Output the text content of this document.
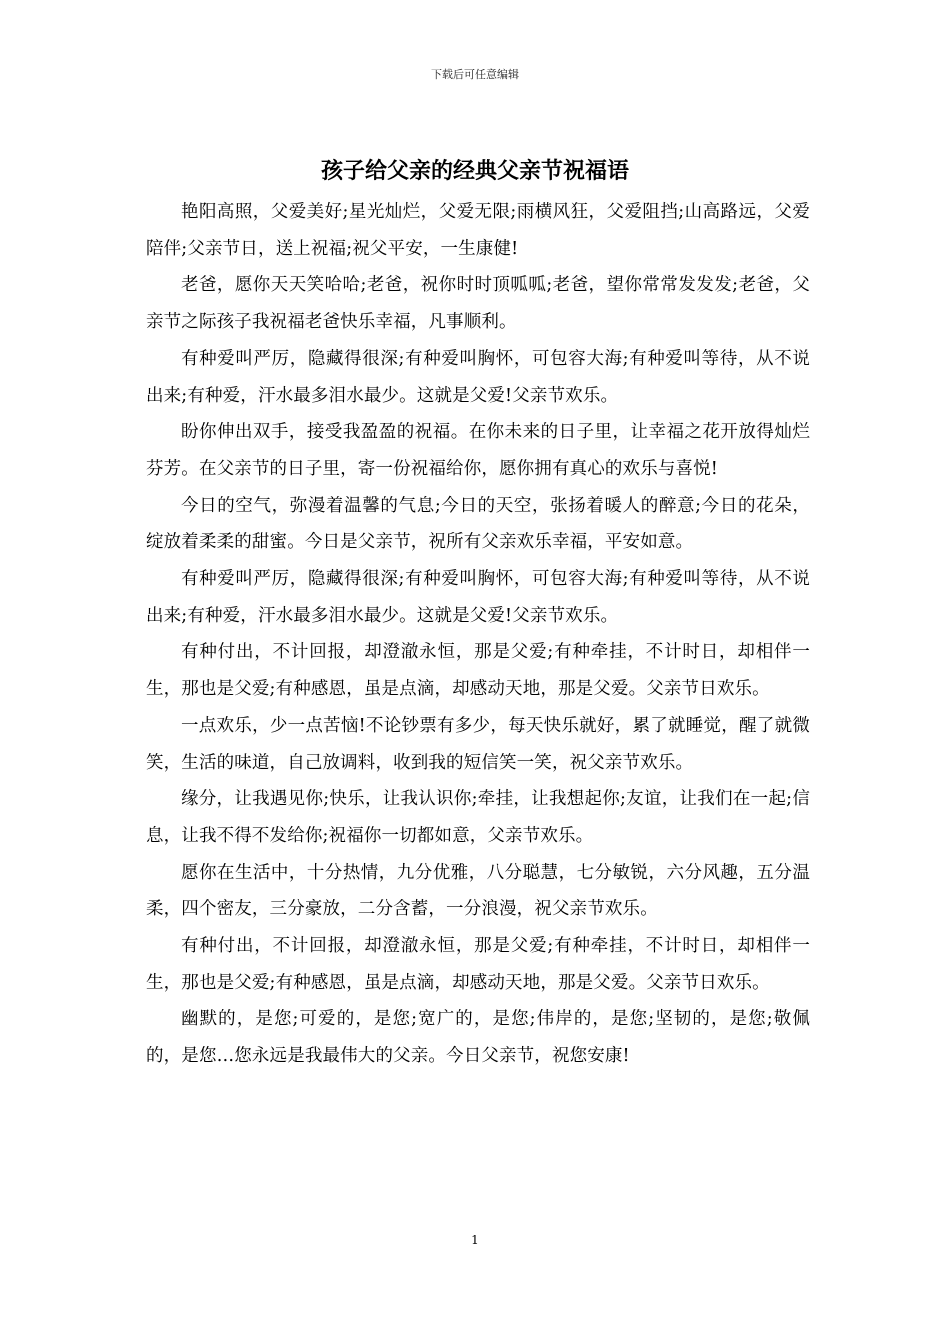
下载后可任意编辑
孩子给父亲的经典父亲节祝福语

艳阳高照，父爱美好;星光灿烂，父爱无限;雨横风狂，父爱阻挡;山高路远，父爱陪伴;父亲节日，送上祝福;祝父平安，一生康健!

老爸，愿你天天笑哈哈;老爸，祝你时时顶呱呱;老爸，望你常常发发发;老爸，父亲节之际孩子我祝福老爸快乐幸福，凡事顺利。

有种爱叫严厉，隐藏得很深;有种爱叫胸怀，可包容大海;有种爱叫等待，从不说出来;有种爱，汗水最多泪水最少。这就是父爱!父亲节欢乐。

盼你伸出双手，接受我盈盈的祝福。在你未来的日子里，让幸福之花开放得灿烂芬芳。在父亲节的日子里，寄一份祝福给你，愿你拥有真心的欢乐与喜悦!

今日的空气，弥漫着温馨的气息;今日的天空，张扬着暖人的醉意;今日的花朵，绽放着柔柔的甜蜜。今日是父亲节，祝所有父亲欢乐幸福，平安如意。

有种爱叫严厉，隐藏得很深;有种爱叫胸怀，可包容大海;有种爱叫等待，从不说出来;有种爱，汗水最多泪水最少。这就是父爱!父亲节欢乐。

有种付出，不计回报，却澄澈永恒，那是父爱;有种牵挂，不计时日，却相伴一生，那也是父爱;有种感恩，虽是点滴，却感动天地，那是父爱。父亲节日欢乐。

一点欢乐，少一点苦恼!不论钞票有多少，每天快乐就好，累了就睡觉，醒了就微笑，生活的味道，自己放调料，收到我的短信笑一笑，祝父亲节欢乐。

缘分，让我遇见你;快乐，让我认识你;牵挂，让我想起你;友谊，让我们在一起;信息，让我不得不发给你;祝福你一切都如意，父亲节欢乐。

愿你在生活中，十分热情，九分优雅，八分聪慧，七分敏锐，六分风趣，五分温柔，四个密友，三分豪放，二分含蓄，一分浪漫，祝父亲节欢乐。

有种付出，不计回报，却澄澈永恒，那是父爱;有种牵挂，不计时日，却相伴一生，那也是父爱;有种感恩，虽是点滴，却感动天地，那是父爱。父亲节日欢乐。

幽默的，是您;可爱的，是您;宽广的，是您;伟岸的，是您;坚韧的，是您;敬佩的，是您…您永远是我最伟大的父亲。今日父亲节，祝您安康!

1
